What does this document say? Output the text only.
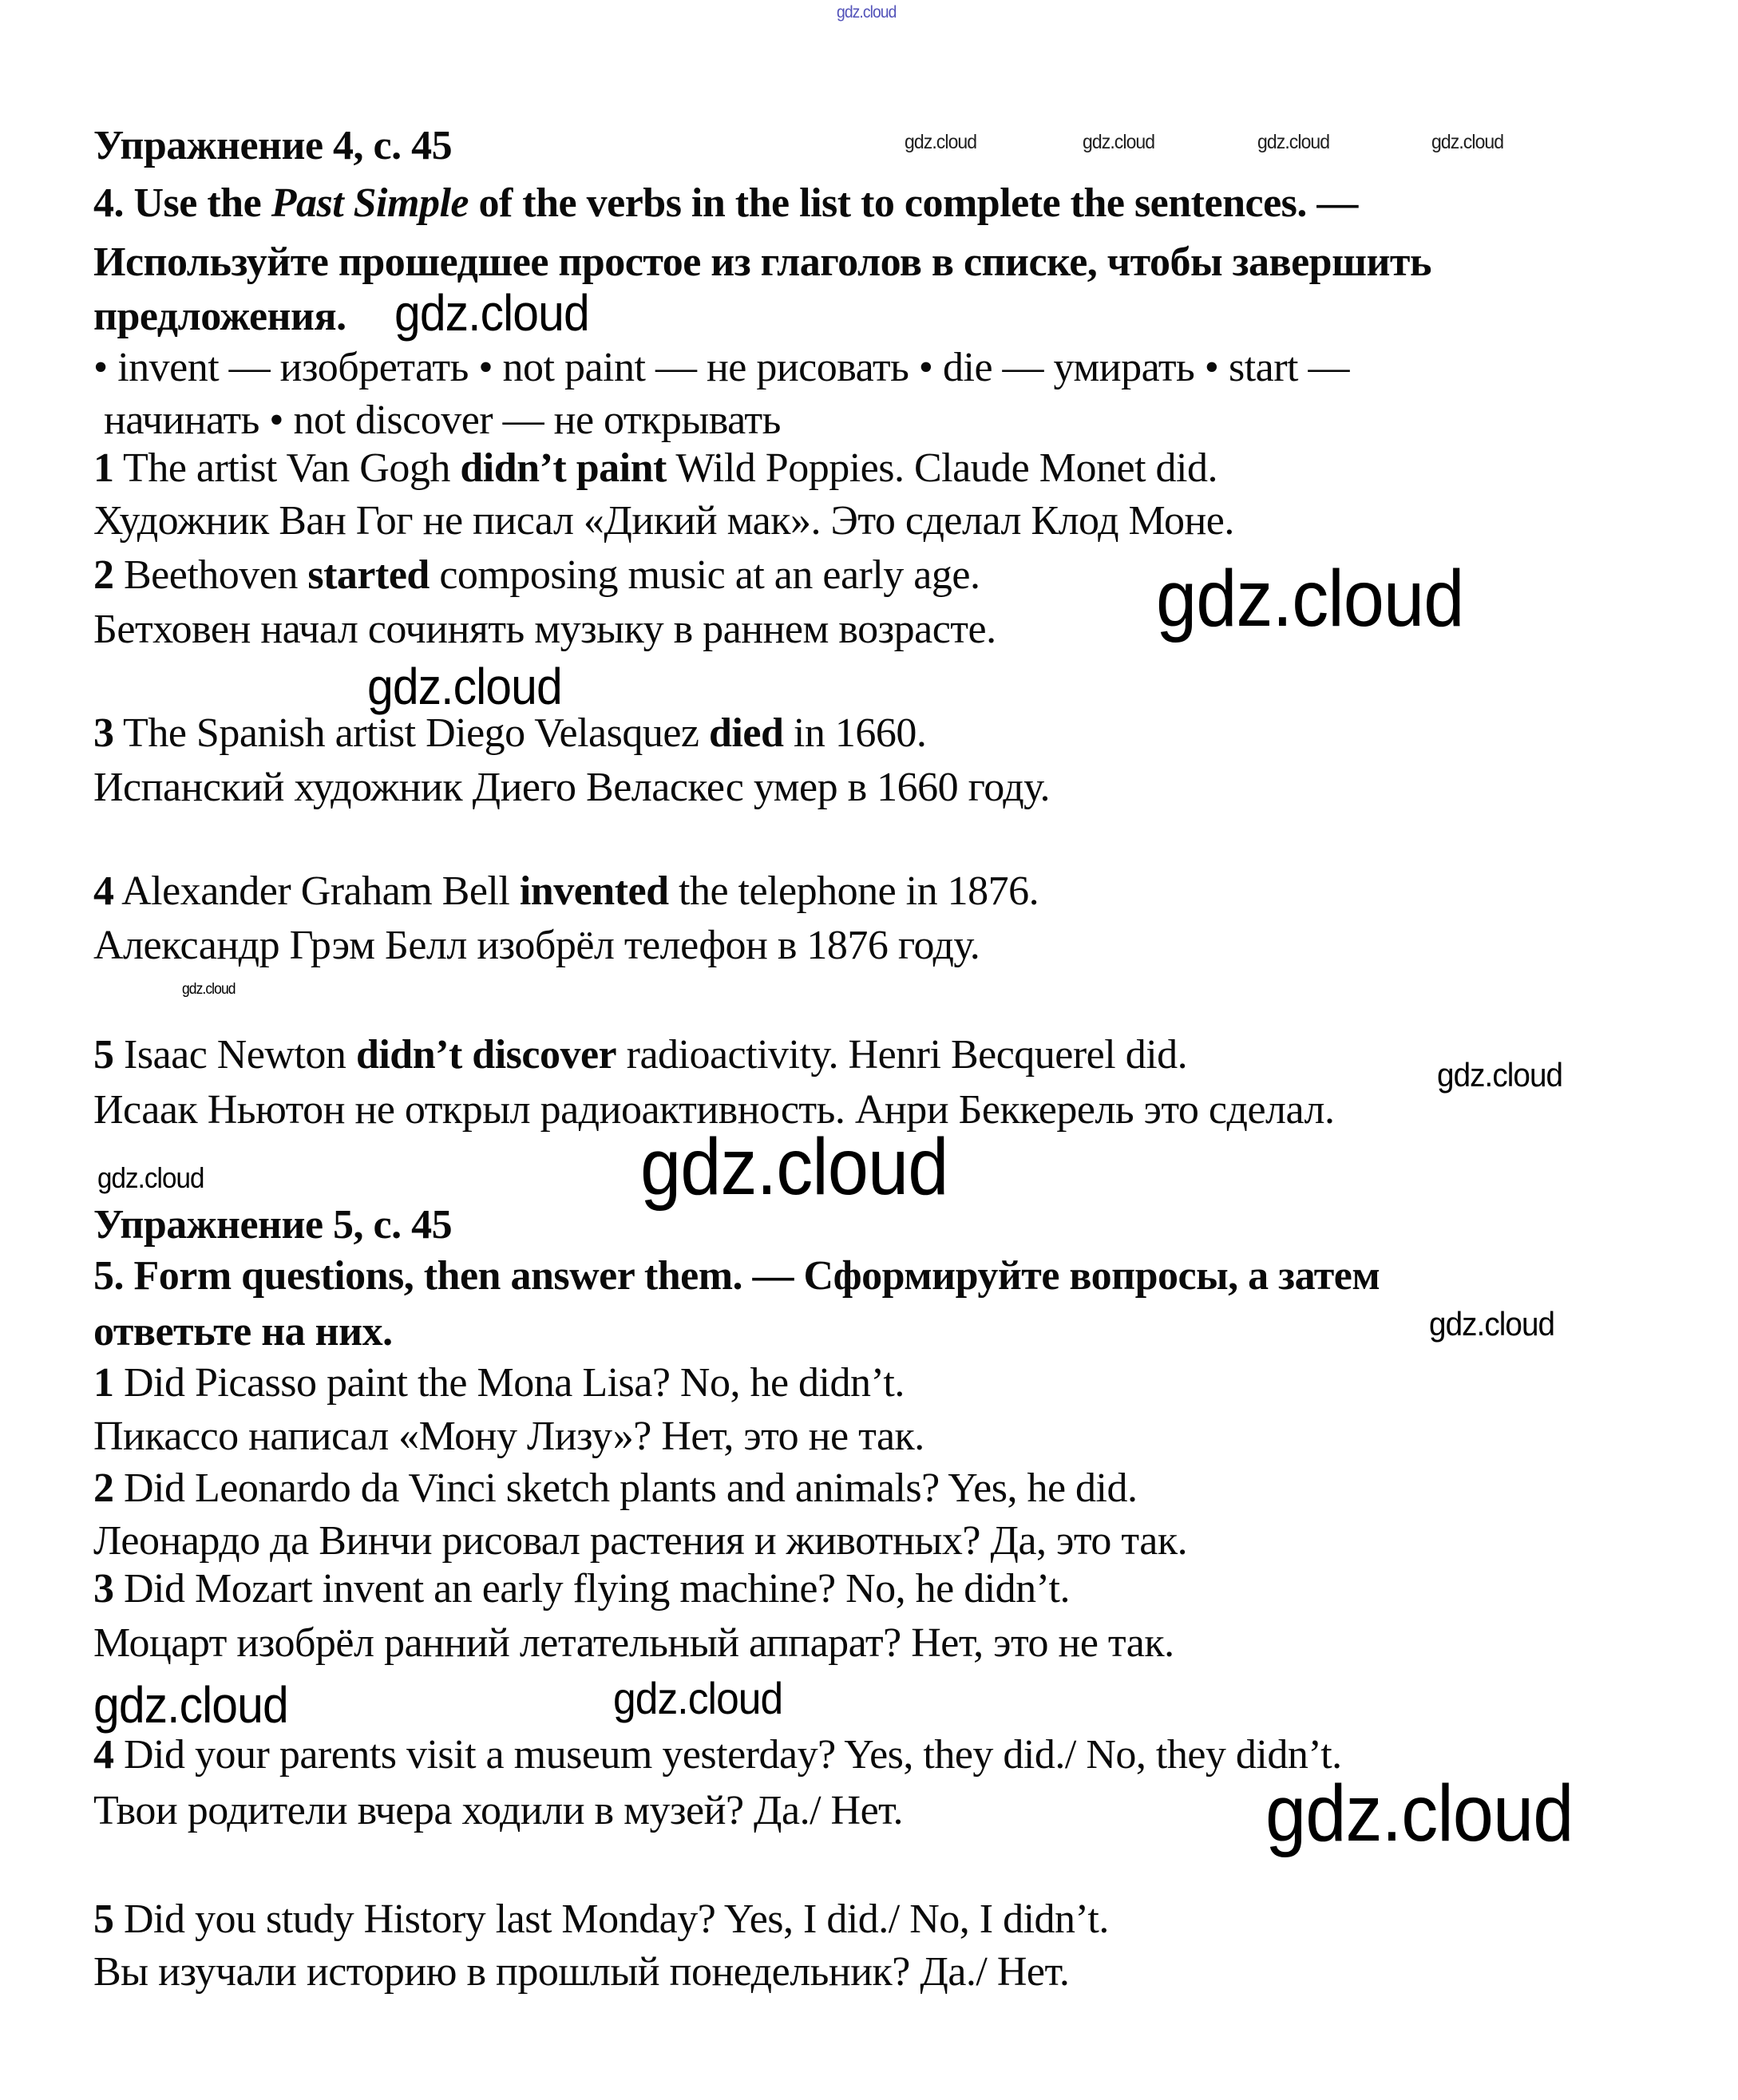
gdz.cloud
gdz.cloud	gdz.cloud	gdz.cloud	gdz.cloud
gdz.cloud
gdz.cloud
gdz.cloud
gdz.cloud
gdz.cloud
gdz.cloud	gdz.cloud
gdz.cloud
gdz.cloud	gdz.cloud
gdz.cloud
Упражнение 4, с. 45
4. Use the Past Simple of the verbs in the list to complete the sentences. —
Используйте прошедшее простое из глаголов в списке, чтобы завершить
предложения.
• invent — изобретать • not paint — не рисовать • die — умирать • start —
начинать • not discover — не открывать
1 The artist Van Gogh didn’t paint Wild Poppies. Claude Monet did.
Художник Ван Гог не писал «Дикий мак». Это сделал Клод Моне.
2 Beethoven started composing music at an early age.
Бетховен начал сочинять музыку в раннем возрасте.
3 The Spanish artist Diego Velasquez died in 1660.
Испанский художник Диего Веласкес умер в 1660 году.
4 Alexander Graham Bell invented the telephone in 1876.
Александр Грэм Белл изобрёл телефон в 1876 году.
5 Isaac Newton didn’t discover radioactivity. Henri Becquerel did.
Исаак Ньютон не открыл радиоактивность. Анри Беккерель это сделал.
Упражнение 5, с. 45
5. Form questions, then answer them. — Сформируйте вопросы, а затем
ответьте на них.
1 Did Picasso paint the Mona Lisa? No, he didn’t.
Пикассо написал «Мону Лизу»? Нет, это не так.
2 Did Leonardo da Vinci sketch plants and animals? Yes, he did.
Леонардо да Винчи рисовал растения и животных? Да, это так.
3 Did Mozart invent an early flying machine? No, he didn’t.
Моцарт изобрёл ранний летательный аппарат? Нет, это не так.
4 Did your parents visit a museum yesterday? Yes, they did./ No, they didn’t.
Твои родители вчера ходили в музей? Да./ Нет.
5 Did you study History last Monday? Yes, I did./ No, I didn’t.
Вы изучали историю в прошлый понедельник? Да./ Нет.
